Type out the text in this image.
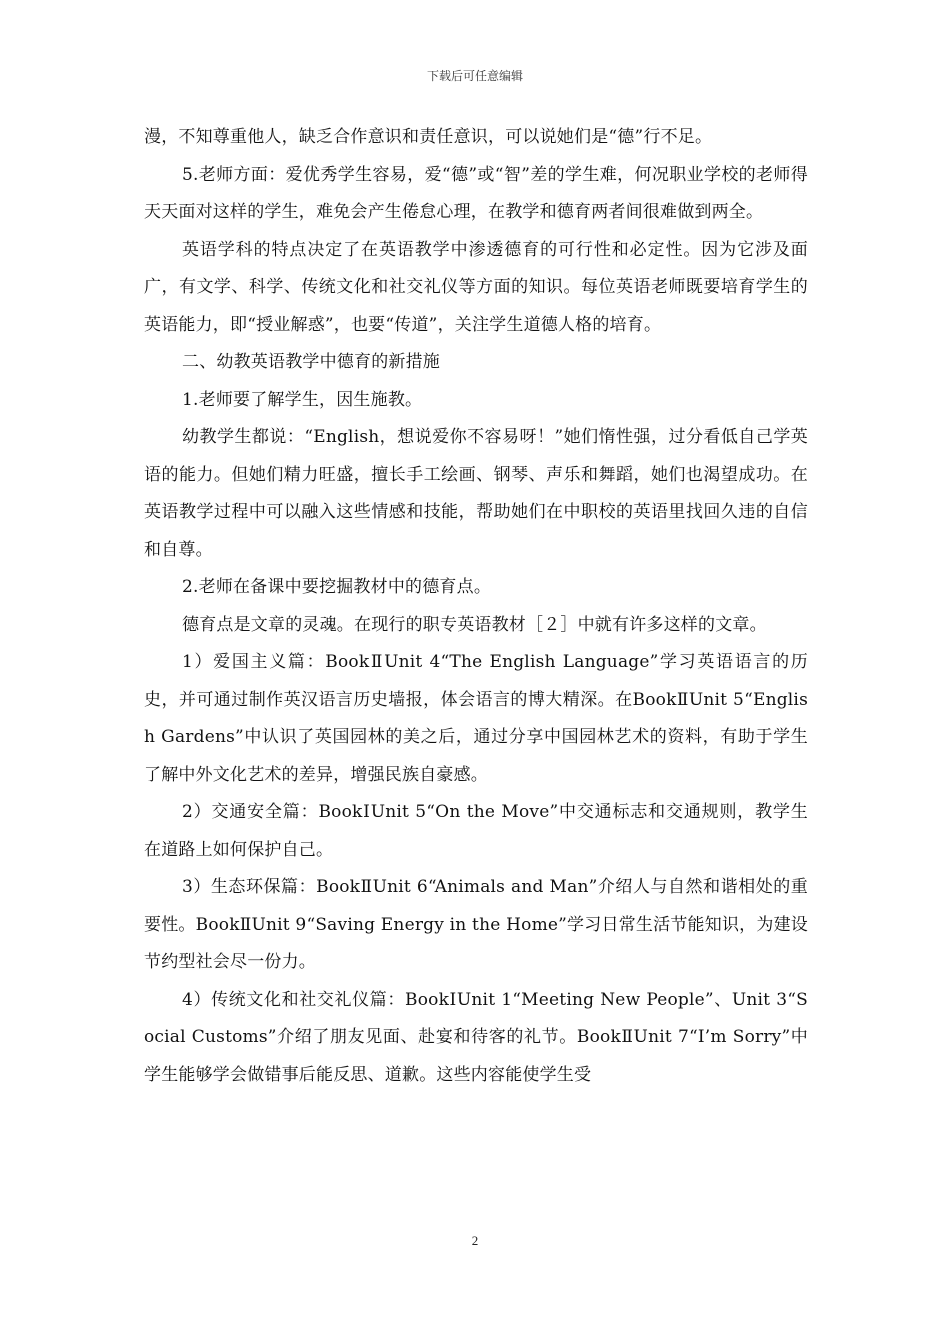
下载后可任意编辑

漫，不知尊重他人，缺乏合作意识和责任意识，可以说她们是“德”行不足。

5.老师方面：爱优秀学生容易，爱“德”或“智”差的学生难，何况职业学校的老师得天天面对这样的学生，难免会产生倦怠心理，在教学和德育两者间很难做到两全。

英语学科的特点决定了在英语教学中渗透德育的可行性和必定性。因为它涉及面广，有文学、科学、传统文化和社交礼仪等方面的知识。每位英语老师既要培育学生的英语能力，即“授业解惑”，也要“传道”，关注学生道德人格的培育。

二、幼教英语教学中德育的新措施

1.老师要了解学生，因生施教。

幼教学生都说：“English，想说爱你不容易呀！”她们惰性强，过分看低自己学英语的能力。但她们精力旺盛，擅长手工绘画、钢琴、声乐和舞蹈，她们也渴望成功。在英语教学过程中可以融入这些情感和技能，帮助她们在中职校的英语里找回久违的自信和自尊。

2.老师在备课中要挖掘教材中的德育点。

德育点是文章的灵魂。在现行的职专英语教材［２］中就有许多这样的文章。

1）爱国主义篇：BookⅡUnit 4“The English Language”学习英语语言的历史，并可通过制作英汉语言历史墙报，体会语言的博大精深。在BookⅡUnit 5“English Gardens”中认识了英国园林的美之后，通过分享中国园林艺术的资料，有助于学生了解中外文化艺术的差异，增强民族自豪感。

2）交通安全篇：BookⅠUnit 5“On the Move”中交通标志和交通规则，教学生在道路上如何保护自己。

3）生态环保篇：BookⅡUnit 6“Animals and Man”介绍人与自然和谐相处的重要性。BookⅡUnit 9“Saving Energy in the Home”学习日常生活节能知识，为建设节约型社会尽一份力。

4）传统文化和社交礼仪篇：BookⅠUnit 1“Meeting New People”、Unit 3“Social Customs”介绍了朋友见面、赴宴和待客的礼节。BookⅡUnit 7“I’m Sorry”中学生能够学会做错事后能反思、道歉。这些内容能使学生受

2
